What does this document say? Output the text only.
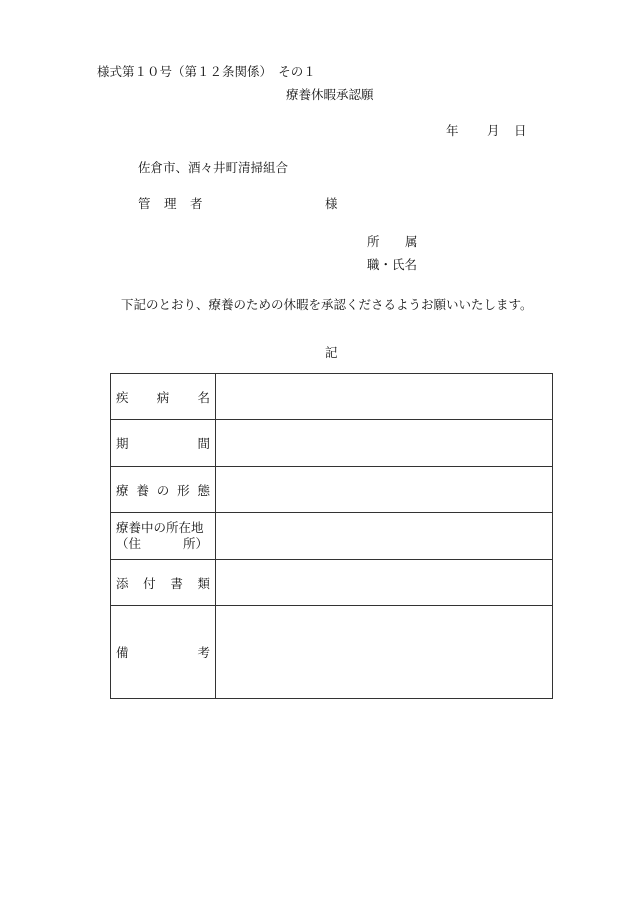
様式第１０号（第１２条関係）　その１
療養休暇承認願
年 月 日
佐倉市、酒々井町清掃組合
管 理 者	様
所 属
職・氏名
下記のとおり、療養のための休暇を承認くださるようお願いいたします。
記
疾 病 名	

期 間	

療 養 の 形 態	

療養中の所在地
（住 所）	

添 付 書 類	

備 考	
